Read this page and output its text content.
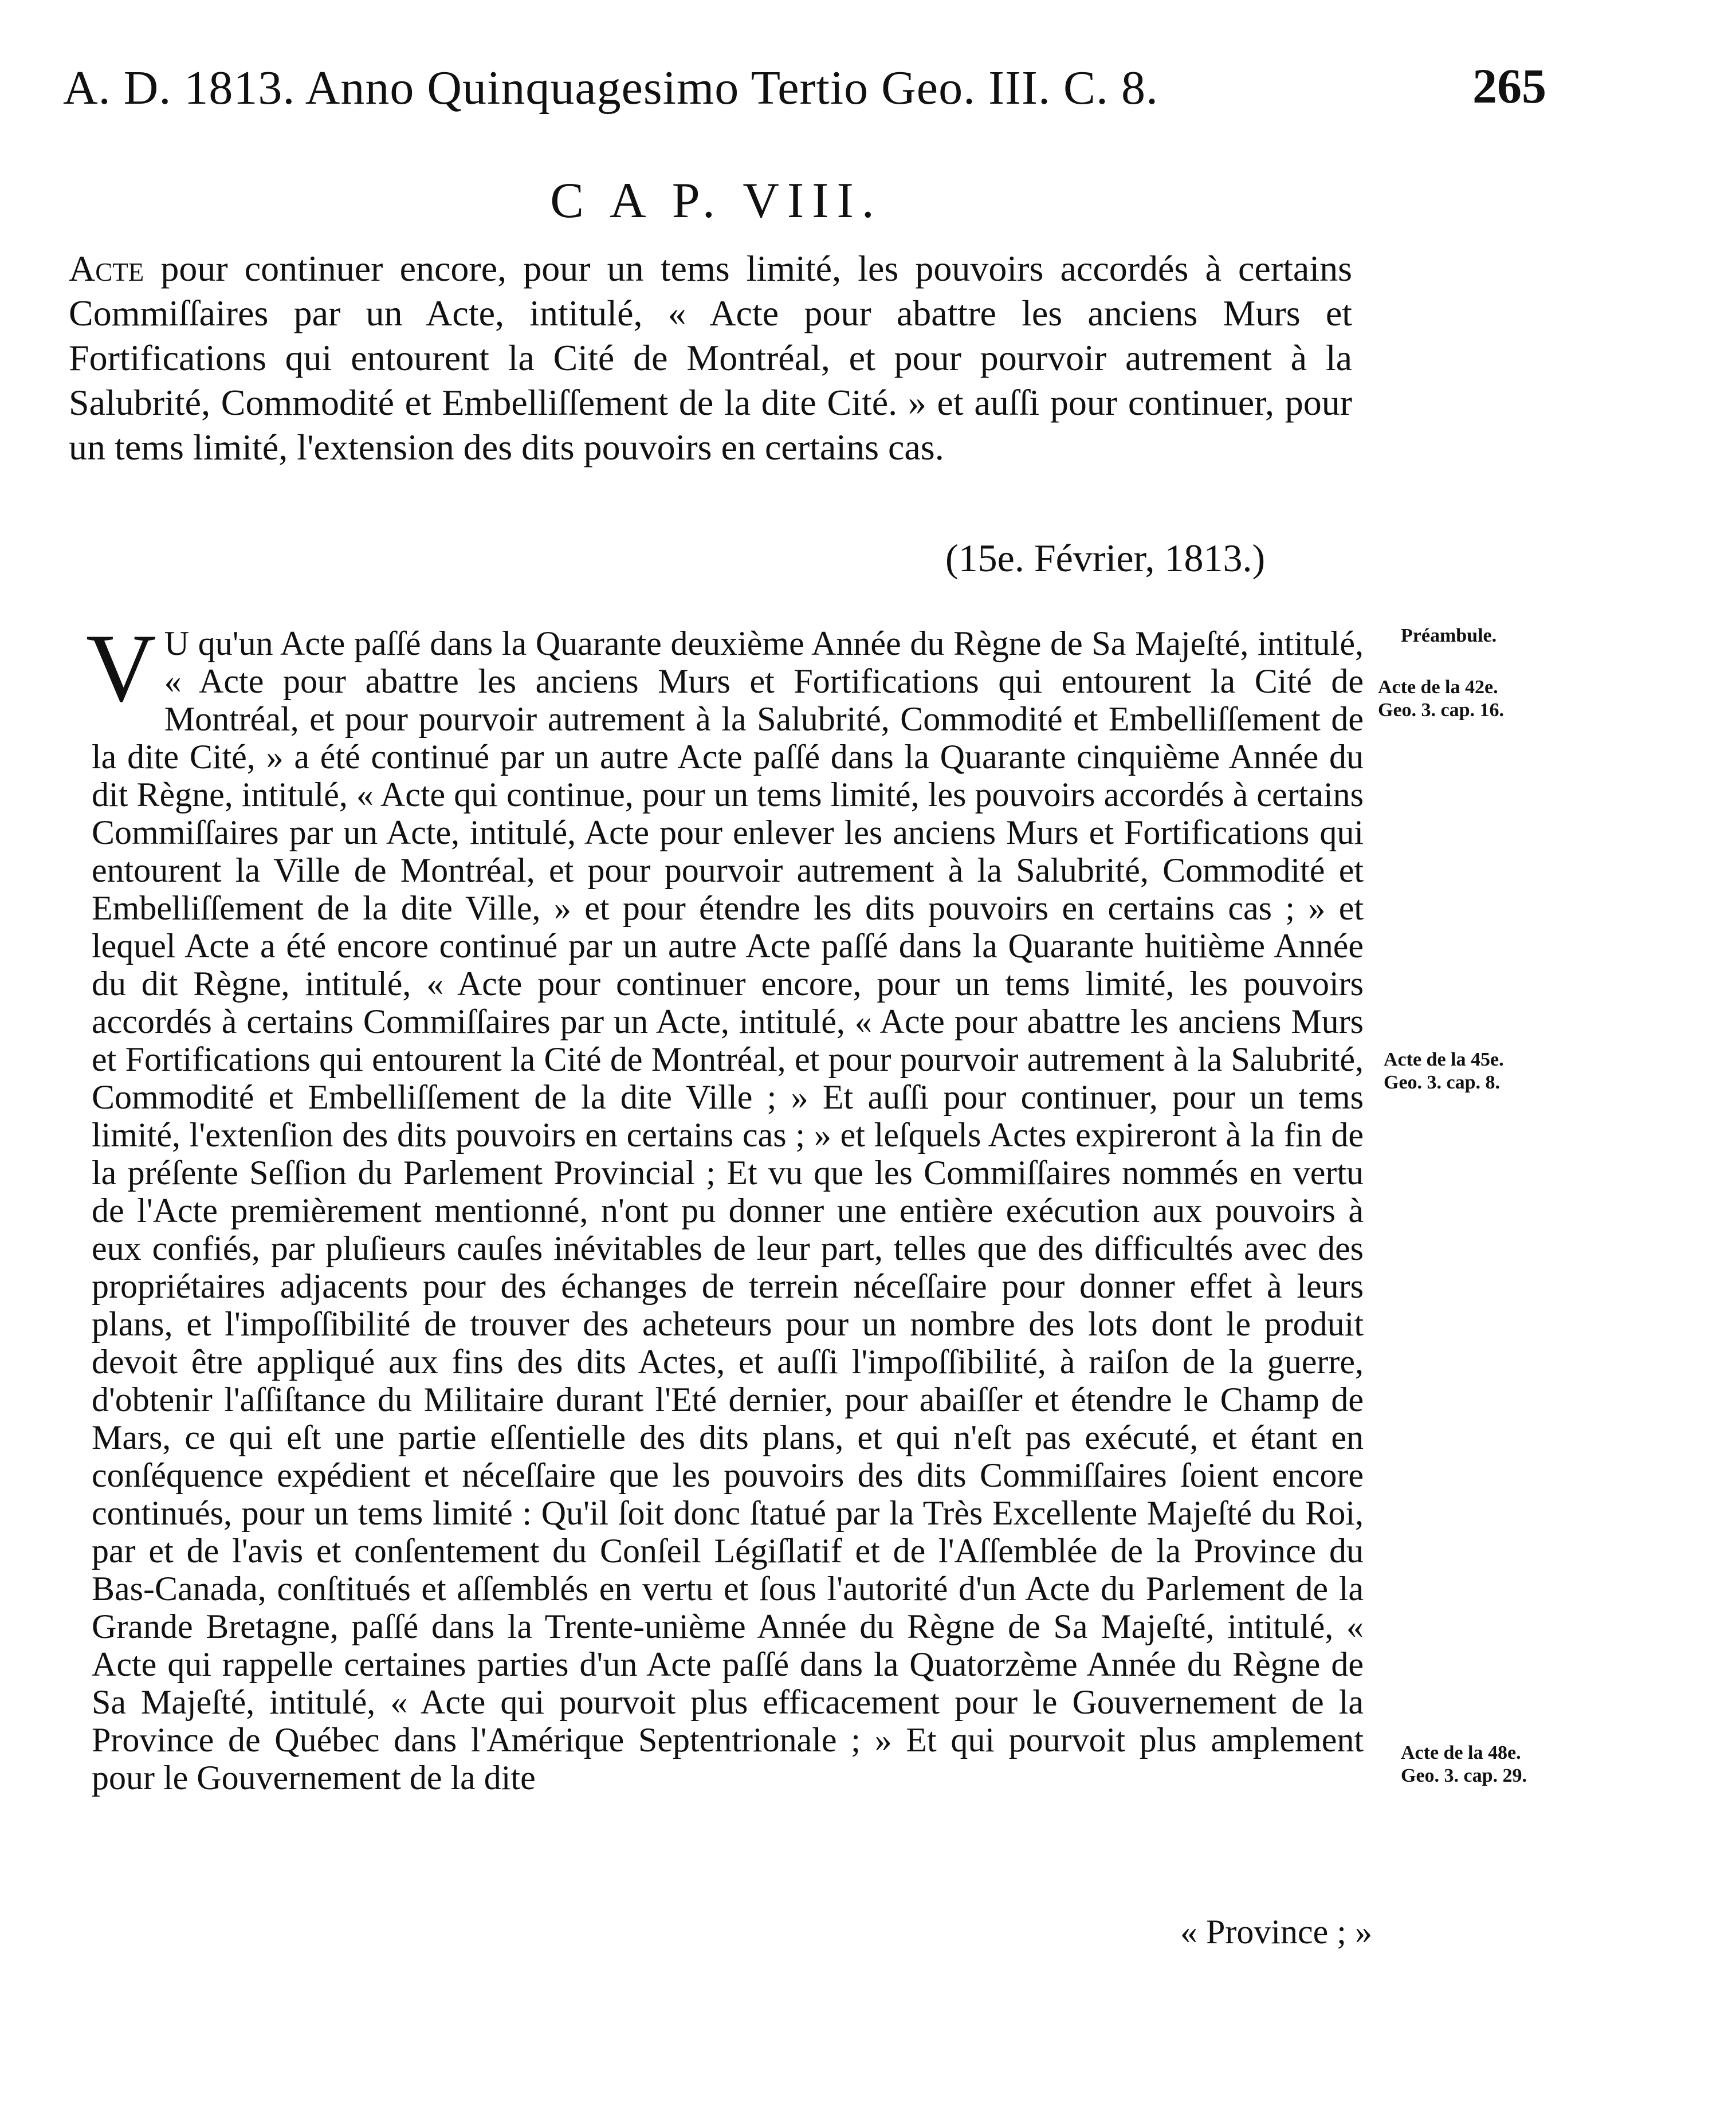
A. D. 1813. Anno Quinquagesimo Tertio Geo. III. C. 8.	265
C A P. VIII.
Acte pour continuer encore, pour un tems limité, les pouvoirs accordés à certains Commiſſaires par un Acte, intitulé, « Acte pour abattre les anciens Murs et Fortifications qui entourent la Cité de Montréal, et pour pourvoir autrement à la Salubrité, Commodité et Embelliſſement de la dite Cité. » et auſſi pour continuer, pour un tems limité, l'extension des dits pouvoirs en certains cas.
(15e. Février, 1813.)
V U qu'un Acte paſſé dans la Quarante deuxième Année du Règne de Sa Majeſté, intitulé, « Acte pour abattre les anciens Murs et Fortifications qui entourent la Cité de Montréal, et pour pourvoir autrement à la Salubrité, Commodité et Embelliſſement de la dite Cité, » a été continué par un autre Acte paſſé dans la Quarante cinquième Année du dit Règne, intitulé, « Acte qui continue, pour un tems limité, les pouvoirs accordés à certains Commiſſaires par un Acte, intitulé, Acte pour enlever les anciens Murs et Fortifications qui entourent la Ville de Montréal, et pour pourvoir autrement à la Salubrité, Commodité et Embelliſſement de la dite Ville, » et pour étendre les dits pouvoirs en certains cas ; » et lequel Acte a été encore continué par un autre Acte paſſé dans la Quarante huitième Année du dit Règne, intitulé, « Acte pour continuer encore, pour un tems limité, les pouvoirs accordés à certains Commiſſaires par un Acte, intitulé, « Acte pour abattre les anciens Murs et Fortifications qui entourent la Cité de Montréal, et pour pourvoir autrement à la Salubrité, Commodité et Embelliſſement de la dite Ville ; » Et auſſi pour continuer, pour un tems limité, l'extenſion des dits pouvoirs en certains cas ; » et leſquels Actes expireront à la fin de la préſente Seſſion du Parlement Provincial ; Et vu que les Commiſſaires nommés en vertu de l'Acte premièrement mentionné, n'ont pu donner une entière exécution aux pouvoirs à eux confiés, par pluſieurs cauſes inévitables de leur part, telles que des difficultés avec des propriétaires adjacents pour des échanges de terrein néceſſaire pour donner effet à leurs plans, et l'impoſſibilité de trouver des acheteurs pour un nombre des lots dont le produit devoit être appliqué aux fins des dits Actes, et auſſi l'impoſſibilité, à raiſon de la guerre, d'obtenir l'aſſiſtance du Militaire durant l'Eté dernier, pour abaiſſer et étendre le Champ de Mars, ce qui eſt une partie eſſentielle des dits plans, et qui n'eſt pas exécuté, et étant en conſéquence expédient et néceſſaire que les pouvoirs des dits Commiſſaires ſoient encore continués, pour un tems limité : Qu'il ſoit donc ſtatué par la Très Excellente Majeſté du Roi, par et de l'avis et conſentement du Conſeil Légiſlatif et de l'Aſſemblée de la Province du Bas-Canada, conſtitués et aſſemblés en vertu et ſous l'autorité d'un Acte du Parlement de la Grande Bretagne, paſſé dans la Trente-unième Année du Règne de Sa Majeſté, intitulé, « Acte qui rappelle certaines parties d'un Acte paſſé dans la Quatorzème Année du Règne de Sa Majeſté, intitulé, « Acte qui pourvoit plus efficacement pour le Gouvernement de la Province de Québec dans l'Amérique Septentrionale ; » Et qui pourvoit plus amplement pour le Gouvernement de la dite
Préambule.
Acte de la 42e.
Geo. 3. cap. 16.
Acte de la 45e.
Geo. 3. cap. 8.
Acte de la 48e.
Geo. 3. cap. 29.
« Province ; »
